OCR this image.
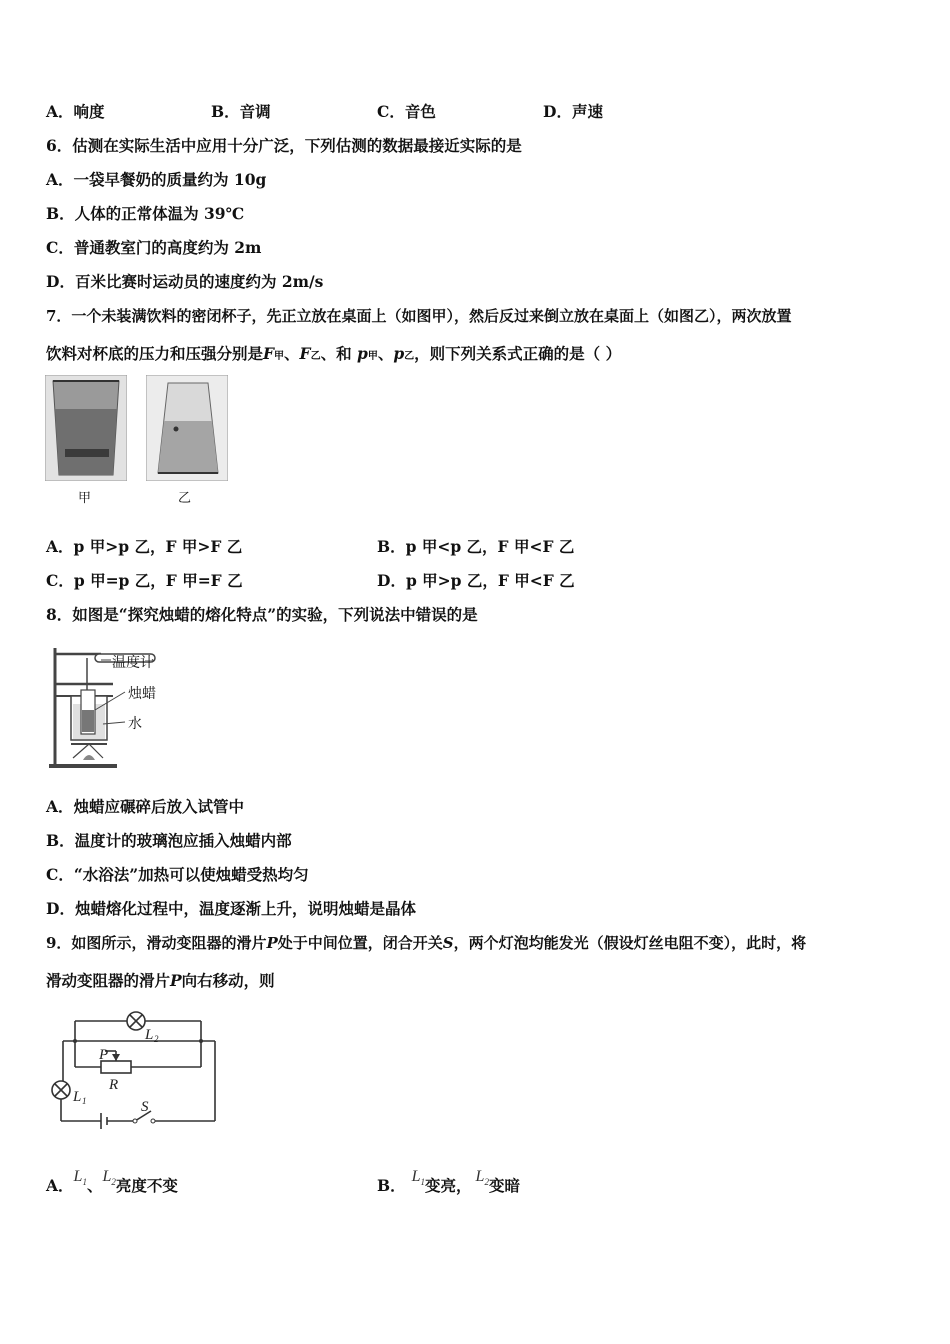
A．响度	B．音调	C．音色	D．声速
6．估测在实际生活中应用十分广泛，下列估测的数据最接近实际的是
A．一袋早餐奶的质量约为 10g
B．人体的正常体温为 39℃
C．普通教室门的高度约为 2m
D．百米比赛时运动员的速度约为 2m/s
7．一个未装满饮料的密闭杯子，先正立放在桌面上（如图甲），然后反过来倒立放在桌面上（如图乙），两次放置
饮料对杯底的压力和压强分别是F甲、F乙、和 p甲、p乙，则下列关系式正确的是（ ）
甲	乙
A．p 甲>p 乙，F 甲>F 乙	B．p 甲<p 乙，F 甲<F 乙
C．p 甲=p 乙，F 甲=F 乙	D．p 甲>p 乙，F 甲<F 乙
8．如图是“探究烛蜡的熔化特点”的实验，下列说法中错误的是
温度计
烛蜡
水
A．烛蜡应碾碎后放入试管中
B．温度计的玻璃泡应插入烛蜡内部
C．“水浴法”加热可以使烛蜡受热均匀
D．烛蜡熔化过程中，温度逐渐上升，说明烛蜡是晶体
9．如图所示，滑动变阻器的滑片P处于中间位置，闭合开关S，两个灯泡均能发光（假设灯丝电阻不变），此时，将
滑动变阻器的滑片P向右移动，则
L 2
L 1
P
R
S
A．$L_1$、$L_2$亮度不变	B． $L_1$变亮， $L_2$变暗
